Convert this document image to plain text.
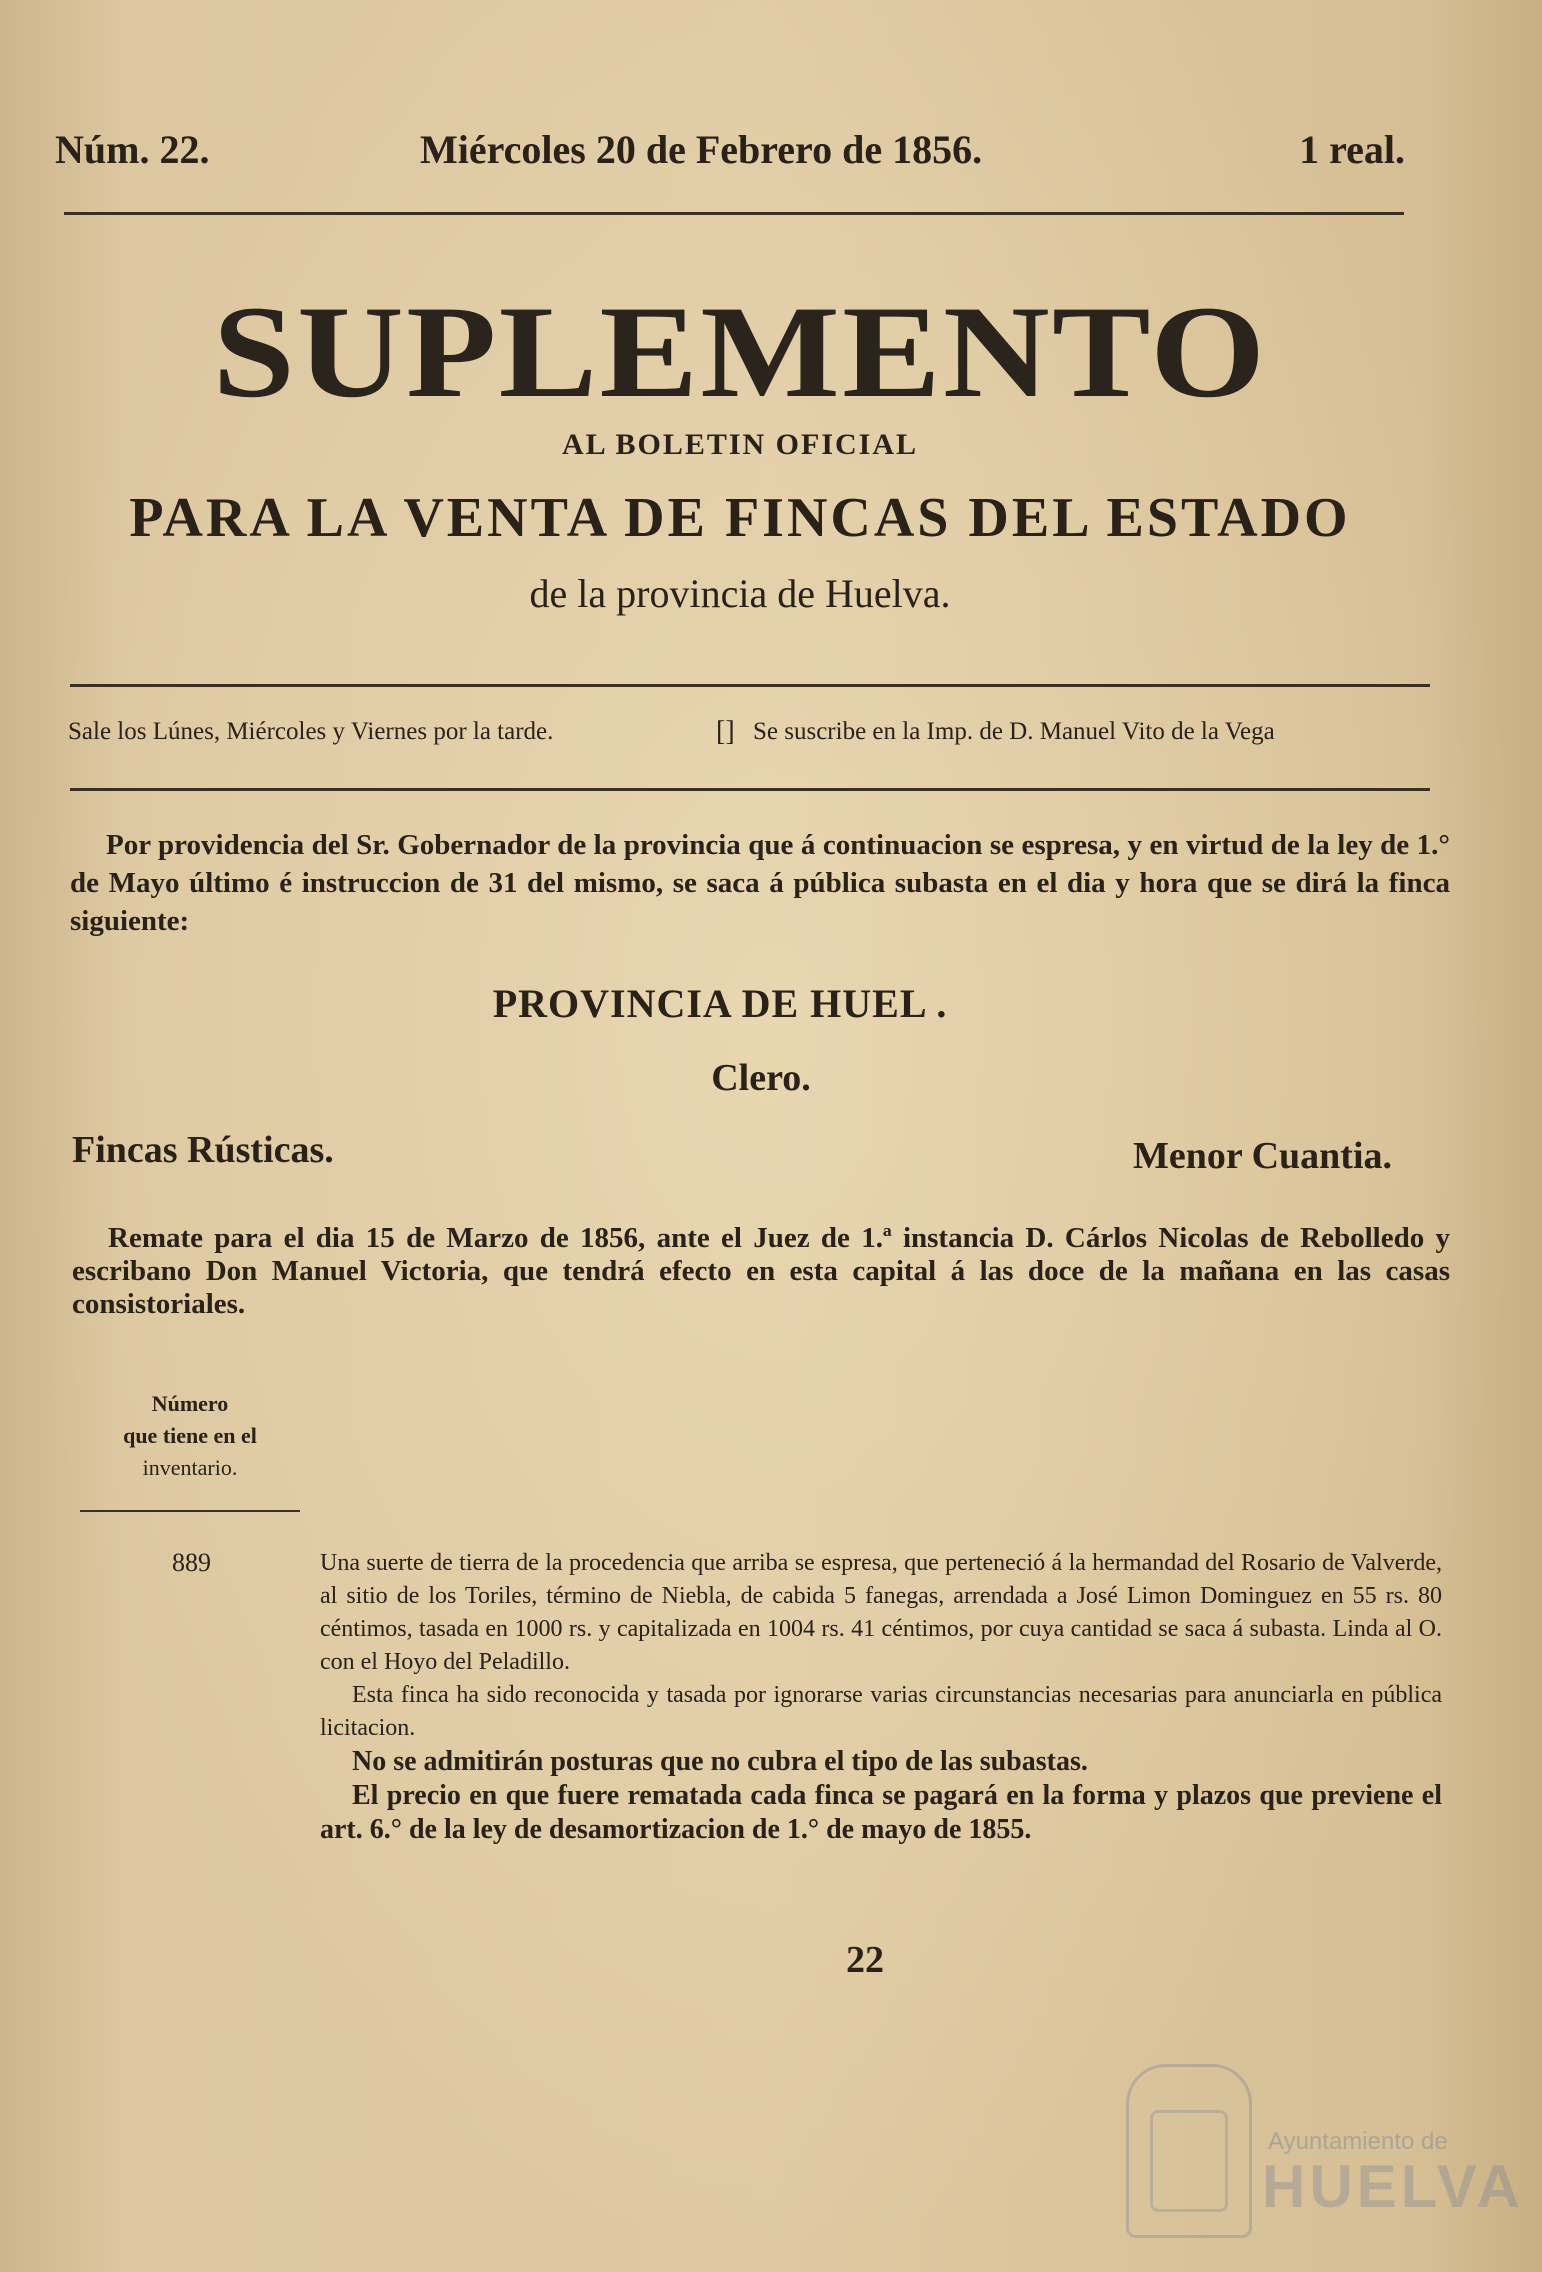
Núm. 22.	Miércoles 20 de Febrero de 1856.	1 real.
SUPLEMENTO
AL BOLETIN OFICIAL
PARA LA VENTA DE FINCAS DEL ESTADO
de la provincia de Huelva.
Sale los Lúnes, Miércoles y Viernes por la tarde.	[] Se suscribe en la Imp. de D. Manuel Vito de la Vega
Por providencia del Sr. Gobernador de la provincia que á continuacion se espresa, y en virtud de la ley de 1.° de Mayo último é instruccion de 31 del mismo, se saca á pública subasta en el dia y hora que se dirá la finca siguiente:
PROVINCIA DE HUEL .
Clero.
Fincas Rústicas.	Menor Cuantia.
Remate para el dia 15 de Marzo de 1856, ante el Juez de 1.ª instancia D. Cárlos Nicolas de Rebolledo y escribano Don Manuel Victoria, que tendrá efecto en esta capital á las doce de la mañana en las casas consistoriales.
Número
que tiene en el
inventario.
889	Una suerte de tierra de la procedencia que arriba se espresa, que perteneció á la hermandad del Rosario de Valverde, al sitio de los Toriles, término de Niebla, de cabida 5 fanegas, arrendada a José Limon Dominguez en 55 rs. 80 céntimos, tasada en 1000 rs. y capitalizada en 1004 rs. 41 céntimos, por cuya cantidad se saca á subasta. Linda al O. con el Hoyo del Peladillo.

Esta finca ha sido reconocida y tasada por ignorarse varias circunstancias necesarias para anunciarla en pública licitacion.

No se admitirán posturas que no cubra el tipo de las subastas.

El precio en que fuere rematada cada finca se pagará en la forma y plazos que previene el art. 6.° de la ley de desamortizacion de 1.° de mayo de 1855.

22
Ayuntamiento de
HUELVA
